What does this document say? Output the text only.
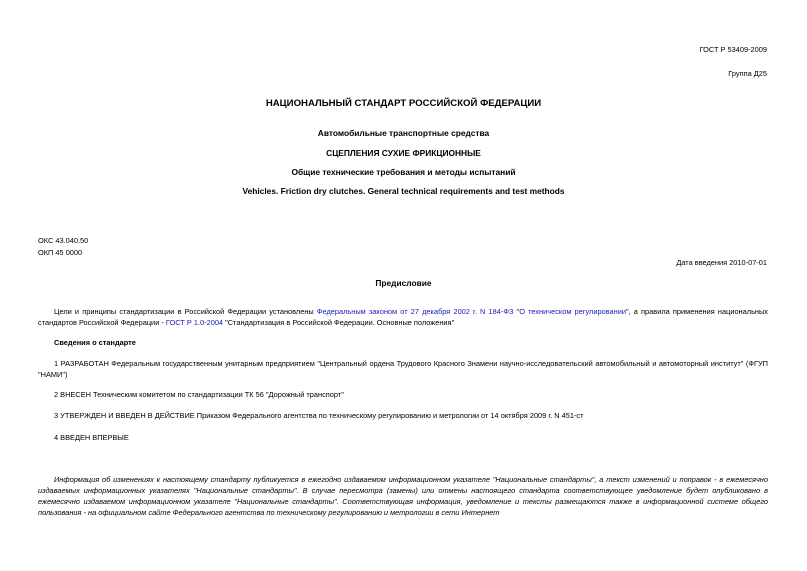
ГОСТ Р 53409-2009
Группа Д25
НАЦИОНАЛЬНЫЙ СТАНДАРТ РОССИЙСКОЙ ФЕДЕРАЦИИ
Автомобильные транспортные средства
СЦЕПЛЕНИЯ СУХИЕ ФРИКЦИОННЫЕ
Общие технические требования и методы испытаний
Vehicles. Friction dry clutches. General technical requirements and test methods
ОКС 43.040.50
ОКП 45 0000
Дата введения 2010-07-01
Предисловие
Цели и принципы стандартизации в Российской Федерации установлены Федеральным законом от 27 декабря 2002 г. N 184-ФЗ "О техническом регулировании", а правила применения национальных стандартов Российской Федерации - ГОСТ Р 1.0-2004 "Стандартизация в Российской Федерации. Основные положения"
Сведения о стандарте
1 РАЗРАБОТАН Федеральным государственным унитарным предприятием "Центральный ордена Трудового Красного Знамени научно-исследовательский автомобильный и автомоторный институт" (ФГУП "НАМИ")
2 ВНЕСЕН Техническим комитетом по стандартизации ТК 56 "Дорожный транспорт"
3 УТВЕРЖДЕН И ВВЕДЕН В ДЕЙСТВИЕ Приказом Федерального агентства по техническому регулированию и метрологии от 14 октября 2009 г. N 451-ст
4 ВВЕДЕН ВПЕРВЫЕ
Информация об изменениях к настоящему стандарту публикуется в ежегодно издаваемом информационном указателе "Национальные стандарты", а текст изменений и поправок - в ежемесячно издаваемых информационных указателях "Национальные стандарты". В случае пересмотра (замены) или отмены настоящего стандарта соответствующее уведомление будет опубликовано в ежемесячно издаваемом информационном указателе "Национальные стандарты". Соответствующая информация, уведомление и тексты размещаются также в информационной системе общего пользования - на официальном сайте Федерального агентства по техническому регулированию и метрологии в сети Интернет
